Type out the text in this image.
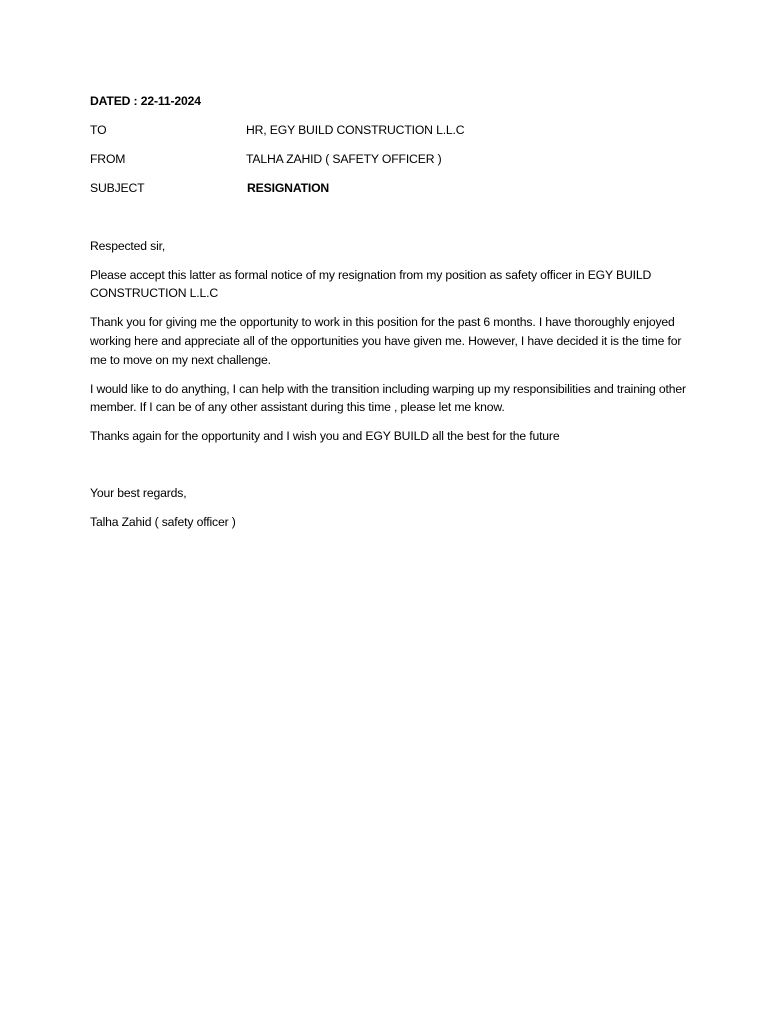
DATED : 22-11-2024

TO	HR, EGY BUILD CONSTRUCTION L.L.C
FROM	TALHA ZAHID ( SAFETY OFFICER )
SUBJECT	RESIGNATION

Respected sir,

Please accept this latter as formal notice of my resignation from my position as safety officer in EGY BUILD CONSTRUCTION L.L.C

Thank you for giving me the opportunity to work in this position for the past 6 months. I have thoroughly enjoyed working here and appreciate all of the opportunities you have given me. However, I have decided it is the time for me to move on my next challenge.

I would like to do anything, I can help with the transition including warping up my responsibilities and training other member. If I can be of any other assistant during this time , please let me know.

Thanks again for the opportunity and I wish you and EGY BUILD all the best for the future

Your best regards,

Talha Zahid ( safety officer )
